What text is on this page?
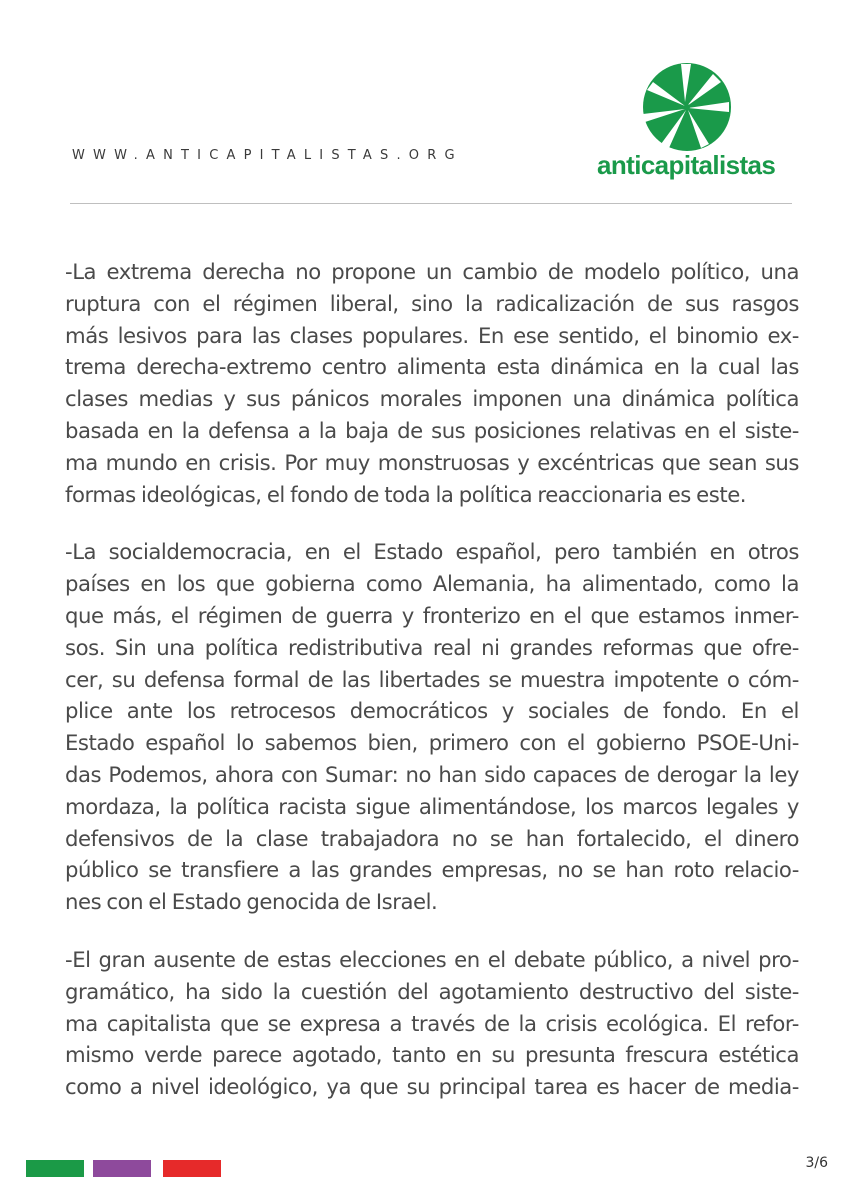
WWW.ANTICAPITALISTAS.ORG	anticapitalistas

-La extrema derecha no propone un cambio de modelo político, una
ruptura con el régimen liberal, sino la radicalización de sus rasgos
más lesivos para las clases populares. En ese sentido, el binomio ex-
trema derecha-extremo centro alimenta esta dinámica en la cual las
clases medias y sus pánicos morales imponen una dinámica política
basada en la defensa a la baja de sus posiciones relativas en el siste-
ma mundo en crisis. Por muy monstruosas y excéntricas que sean sus
formas ideológicas, el fondo de toda la política reaccionaria es este.

-La socialdemocracia, en el Estado español, pero también en otros
países en los que gobierna como Alemania, ha alimentado, como la
que más, el régimen de guerra y fronterizo en el que estamos inmer-
sos. Sin una política redistributiva real ni grandes reformas que ofre-
cer, su defensa formal de las libertades se muestra impotente o cóm-
plice ante los retrocesos democráticos y sociales de fondo. En el
Estado español lo sabemos bien, primero con el gobierno PSOE-Uni-
das Podemos, ahora con Sumar: no han sido capaces de derogar la ley
mordaza, la política racista sigue alimentándose, los marcos legales y
defensivos de la clase trabajadora no se han fortalecido, el dinero
público se transfiere a las grandes empresas, no se han roto relacio-
nes con el Estado genocida de Israel.

-El gran ausente de estas elecciones en el debate público, a nivel pro-
gramático, ha sido la cuestión del agotamiento destructivo del siste-
ma capitalista que se expresa a través de la crisis ecológica. El refor-
mismo verde parece agotado, tanto en su presunta frescura estética
como a nivel ideológico, ya que su principal tarea es hacer de media-

3/6
